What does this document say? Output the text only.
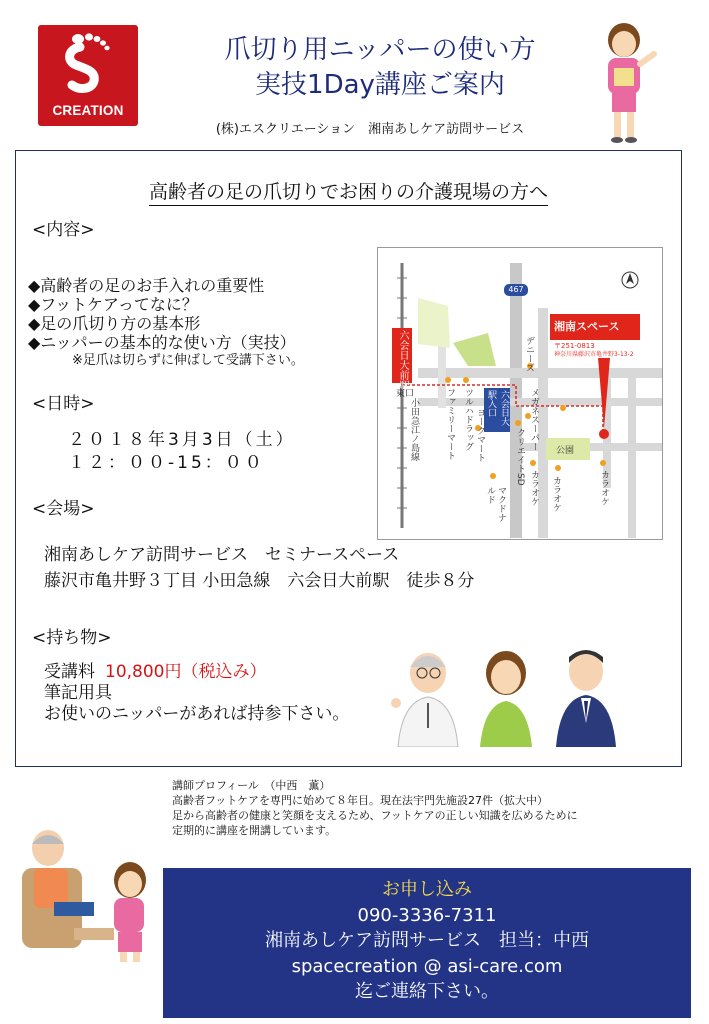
CREATION
爪切り用ニッパーの使い方
実技1Day講座ご案内
(株)エスクリエーション　湘南あしケア訪問サービス
高齢者の足の爪切りでお困りの介護現場の方へ
<内容>
◆高齢者の足のお手入れの重要性
◆フットケアってなに？
◆足の爪切り方の基本形
◆ニッパーの基本的な使い方（実技）
※足爪は切らずに伸ばして受講下さい。
<日時>
２０１８年3月3日（土）
１２：００-15：００
<会場>
湘南あしケア訪問サービス　セミナースペース
藤沢市亀井野３丁目 小田急線　六会日大前駅　徒歩８分
<持ち物>
受講料 10,800円（税込み）
筆記用具
お使いのニッパーがあれば持参下さい。
467
六会日大前駅
東口
小田急江ノ島線	六会日大駅入口
湘南スペース
〒251-0813
神奈川県藤沢市亀井野3-13-2
公園
デニーズ
ツルハドラッグ
ファミリーマート ヨークマート	クリエイトSD
メガネスーパー
カラオケ カラオケ	カラオケ
マクドナルド
講師プロフィール　（中西　薫）
高齢者フットケアを専門に始めて８年目。現在法宇門先施設27件（拡大中）
足から高齢者の健康と笑顔を支えるため、フットケアの正しい知識を広めるために
定期的に講座を開講しています。
お申し込み
090-3336-7311
湘南あしケア訪問サービス　担当：中西
spacecreation @ asi-care.com
迄ご連絡下さい。
